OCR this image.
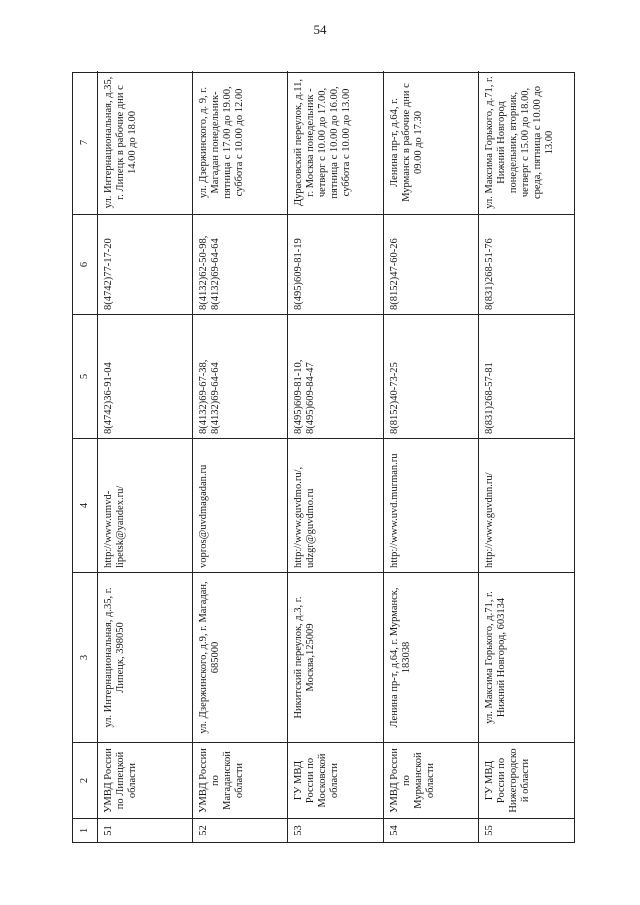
54
1
2
3
4
5
6
7
51
УМВД России по Липецкой области
ул. Интернациональная, д.35, г. Липецк, 398050
http://www.umvd-lipetsk@yandex.ru/
8(4742)36-91-04
8(4742)77-17-20
ул. Интернациональная, д.35, г. Липецк в рабочие дни с 14.00 до 18.00
52
УМВД России по Магаданской области
ул. Дзержинского, д.9, г. Магадан, 685000
vopros@uvdmagadan.ru
8(4132)69-67-38, 8(4132)69-64-64
8(4132)62-50-98, 8(4132)69-64-64
ул. Дзержинского, д. 9, г. Магадан понедельник-пятница с 17.00 до 19.00, суббота с 10.00 до 12.00
53
ГУ МВД России по Московской области
Никитский переулок, д.3, г. Москва,125009
http://www.guvdmo.ru/, udzgr@guvdmo.ru
8(495)609-81-10, 8(495)609-84-47
8(495)609-81-19
Дурасовский переулок, д.11, г. Москва понедельник - четверг с 10.00 до 17.00, пятница с 10.00 до 16.00, суббота с 10.00 до 13.00
54
УМВД России по Мурманской области
Ленина пр-т, д.64, г. Мурманск, 183038
http://www.uvd.murman.ru
8(8152)40-73-25
8(8152)47-60-26
Ленина пр-т, д.64, г. Мурманск в рабочие дни с 09.00 до 17.30
55
ГУ МВД России по Нижегородской области
ул. Максима Горького, д.71, г. Нижний Новгород, 603134
http://www.guvdnn.ru/
8(831)268-57-81
8(831)268-51-76
ул. Максима Горького, д.71, г. Нижний Новгород понедельник, вторник, четверг с 15.00 до 18.00, среда, пятница с 10.00 до 13.00
